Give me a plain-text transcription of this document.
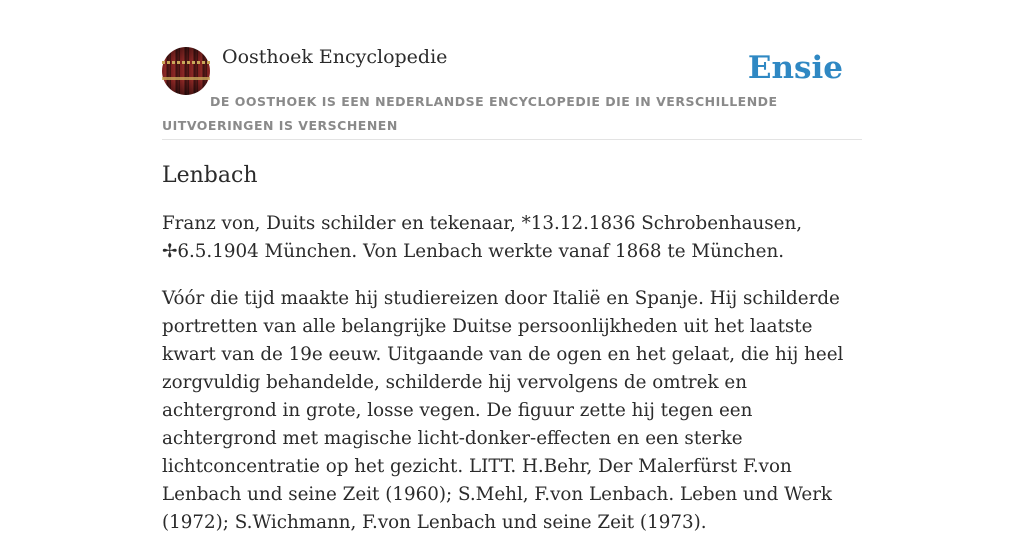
Oosthoek Encyclopedie	Ensie
DE OOSTHOEK IS EEN NEDERLANDSE ENCYCLOPEDIE DIE IN VERSCHILLENDE UITVOERINGEN IS VERSCHENEN
Lenbach

Franz von, Duits schilder en tekenaar, *13.12.1836 Schrobenhausen, ✢6.5.1904 München. Von Lenbach werkte vanaf 1868 te München.

Vóór die tijd maakte hij studiereizen door Italië en Spanje. Hij schilderde portretten van alle belangrijke Duitse persoonlijkheden uit het laatste kwart van de 19e eeuw. Uitgaande van de ogen en het gelaat, die hij heel zorgvuldig behandelde, schilderde hij vervolgens de omtrek en achtergrond in grote, losse vegen. De figuur zette hij tegen een achtergrond met magische licht-donker-effecten en een sterke lichtconcentratie op het gezicht. LITT. H.Behr, Der Malerfürst F.von Lenbach und seine Zeit (1960); S.Mehl, F.von Lenbach. Leben und Werk (1972); S.Wichmann, F.von Lenbach und seine Zeit (1973).
